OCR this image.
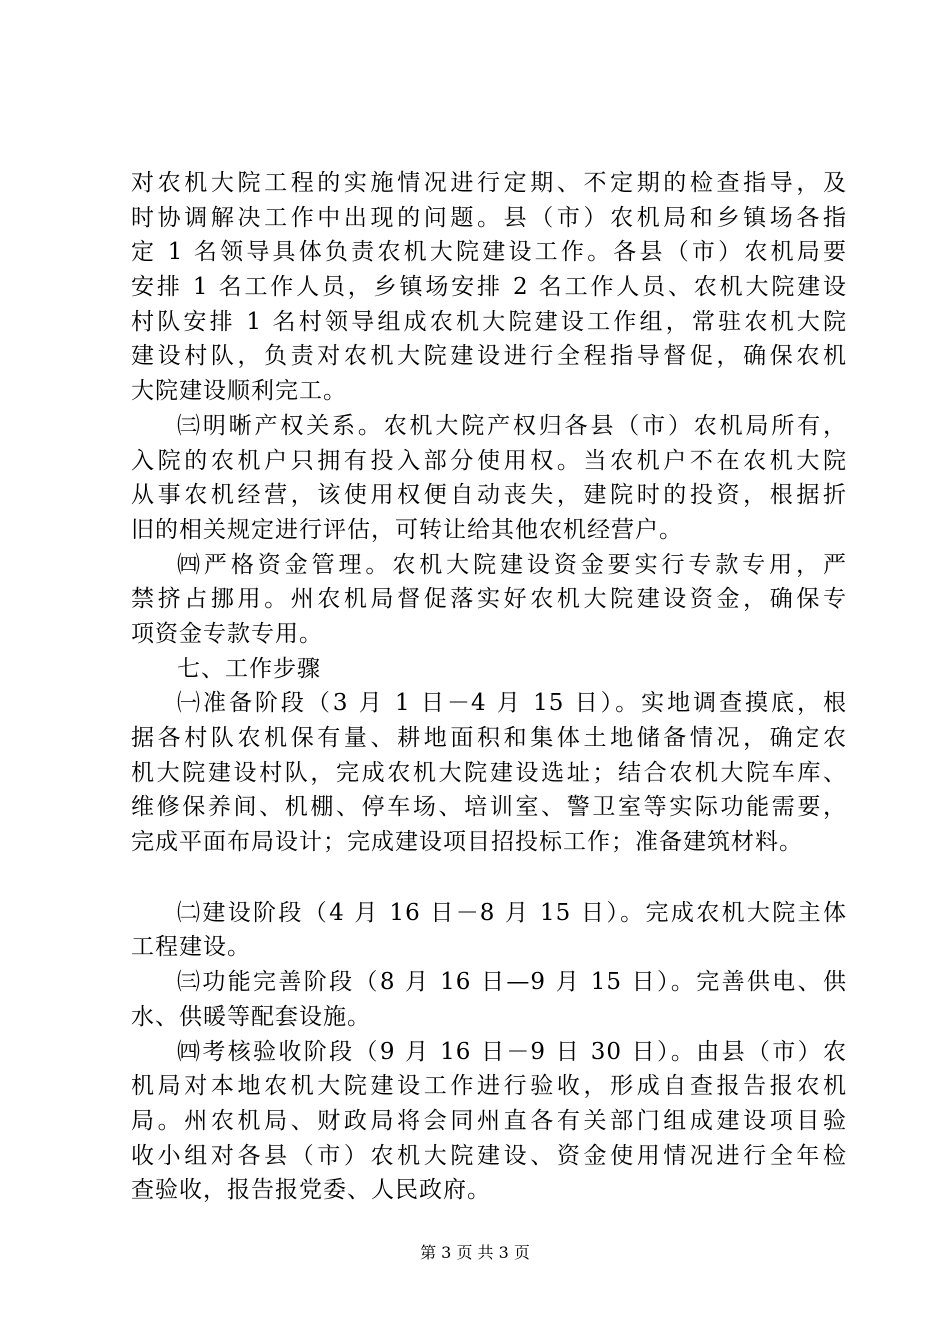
对农机大院工程的实施情况进行定期、不定期的检查指导，及
时协调解决工作中出现的问题。县（市）农机局和乡镇场各指
定 1 名领导具体负责农机大院建设工作。各县（市）农机局要
安排 1 名工作人员，乡镇场安排 2 名工作人员、农机大院建设
村队安排 1 名村领导组成农机大院建设工作组，常驻农机大院
建设村队，负责对农机大院建设进行全程指导督促，确保农机
大院建设顺利完工。
㈢明晰产权关系。农机大院产权归各县（市）农机局所有，
入院的农机户只拥有投入部分使用权。当农机户不在农机大院
从事农机经营，该使用权便自动丧失，建院时的投资，根据折
旧的相关规定进行评估，可转让给其他农机经营户。
㈣严格资金管理。农机大院建设资金要实行专款专用，严
禁挤占挪用。州农机局督促落实好农机大院建设资金，确保专
项资金专款专用。
七、工作步骤
㈠准备阶段（3 月 1 日－4 月 15 日）。实地调查摸底，根
据各村队农机保有量、耕地面积和集体土地储备情况，确定农
机大院建设村队，完成农机大院建设选址；结合农机大院车库、
维修保养间、机棚、停车场、培训室、警卫室等实际功能需要，
完成平面布局设计；完成建设项目招投标工作；准备建筑材料。
㈡建设阶段（4 月 16 日－8 月 15 日）。完成农机大院主体
工程建设。
㈢功能完善阶段（8 月 16 日—9 月 15 日）。完善供电、供
水、供暖等配套设施。
㈣考核验收阶段（9 月 16 日－9 日 30 日）。由县（市）农
机局对本地农机大院建设工作进行验收，形成自查报告报农机
局。州农机局、财政局将会同州直各有关部门组成建设项目验
收小组对各县（市）农机大院建设、资金使用情况进行全年检
查验收，报告报党委、人民政府。
第 3 页 共 3 页
